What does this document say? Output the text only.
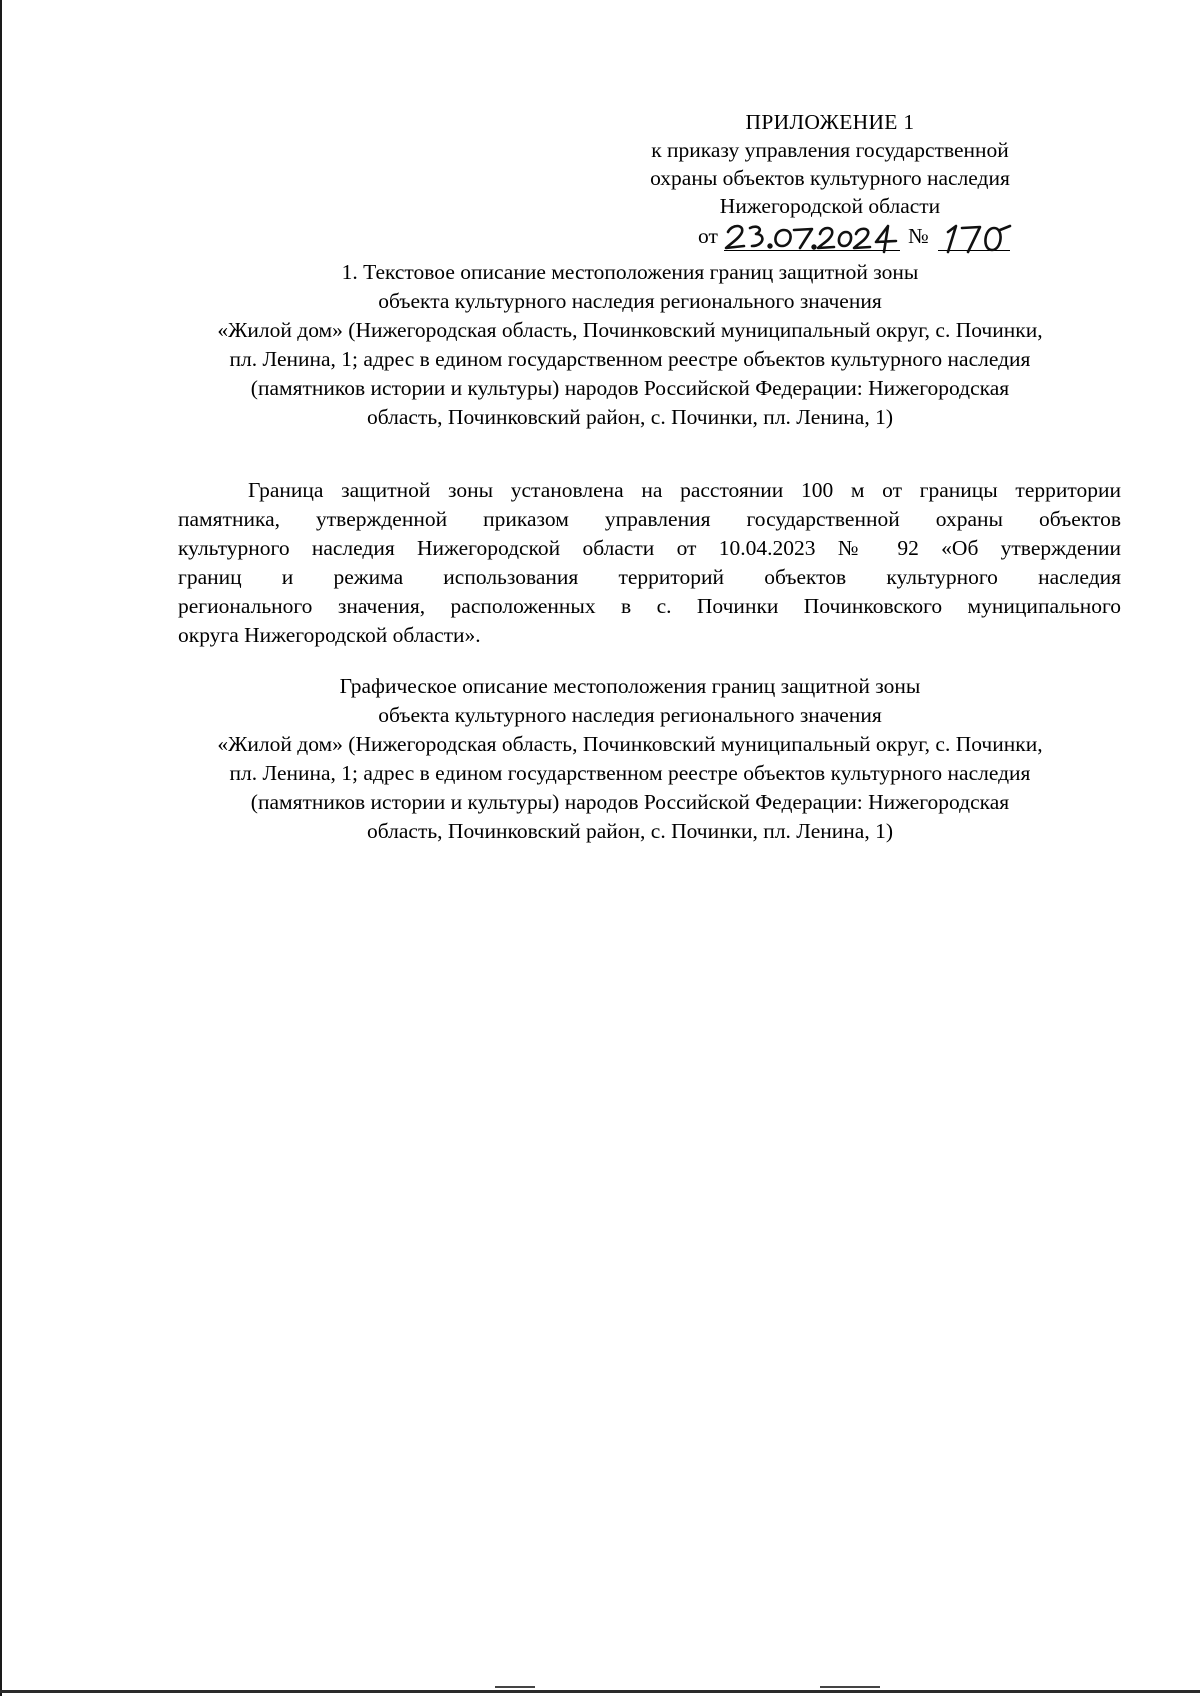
ПРИЛОЖЕНИЕ 1
к приказу управления государственной
охраны объектов культурного наследия
Нижегородской области
от	№
1. Текстовое описание местоположения границ защитной зоны
объекта культурного наследия регионального значения
«Жилой дом» (Нижегородская область, Починковский муниципальный округ, с. Починки,
пл. Ленина, 1; адрес в едином государственном реестре объектов культурного наследия
(памятников истории и культуры) народов Российской Федерации: Нижегородская
область, Починковский район, с. Починки, пл. Ленина, 1)
Граница защитной зоны установлена на расстоянии 100 м от границы территории
памятника, утвержденной приказом управления государственной охраны объектов
культурного наследия Нижегородской области от 10.04.2023 № 92 «Об утверждении
границ и режима использования территорий объектов культурного наследия
регионального значения, расположенных в с. Починки Починковского муниципального
округа Нижегородской области».
Графическое описание местоположения границ защитной зоны
объекта культурного наследия регионального значения
«Жилой дом» (Нижегородская область, Починковский муниципальный округ, с. Починки,
пл. Ленина, 1; адрес в едином государственном реестре объектов культурного наследия
(памятников истории и культуры) народов Российской Федерации: Нижегородская
область, Починковский район, с. Починки, пл. Ленина, 1)
